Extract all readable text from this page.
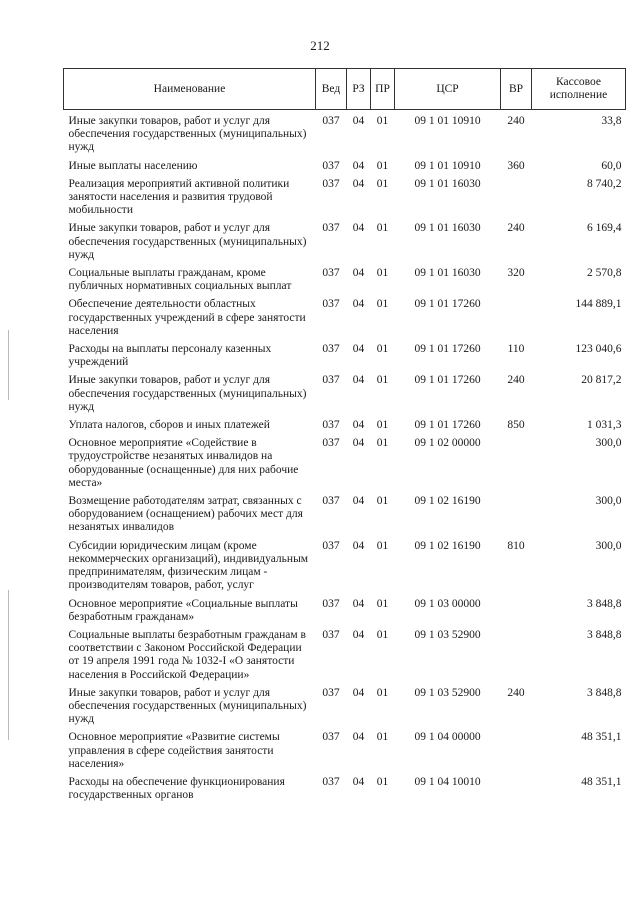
212
Наименование	Вед	РЗ	ПР	ЦСР	ВР	Кассовое исполнение
Иные закупки товаров, работ и услуг для обеспечения государственных (муниципальных) нужд	037	04	01	09 1 01 10910	240	33,8
Иные выплаты населению	037	04	01	09 1 01 10910	360	60,0
Реализация мероприятий активной политики занятости населения и развития трудовой мобильности	037	04	01	09 1 01 16030		8 740,2
Иные закупки товаров, работ и услуг для обеспечения государственных (муниципальных) нужд	037	04	01	09 1 01 16030	240	6 169,4
Социальные выплаты гражданам, кроме публичных нормативных социальных выплат	037	04	01	09 1 01 16030	320	2 570,8
Обеспечение деятельности областных государственных учреждений в сфере занятости населения	037	04	01	09 1 01 17260		144 889,1
Расходы на выплаты персоналу казенных учреждений	037	04	01	09 1 01 17260	110	123 040,6
Иные закупки товаров, работ и услуг для обеспечения государственных (муниципальных) нужд	037	04	01	09 1 01 17260	240	20 817,2
Уплата налогов, сборов и иных платежей	037	04	01	09 1 01 17260	850	1 031,3
Основное мероприятие «Содействие в трудоустройстве незанятых инвалидов на оборудованные (оснащенные) для них рабочие места»	037	04	01	09 1 02 00000		300,0
Возмещение работодателям затрат, связанных с оборудованием (оснащением) рабочих мест для незанятых инвалидов	037	04	01	09 1 02 16190		300,0
Субсидии юридическим лицам (кроме некоммерческих организаций), индивидуальным предпринимателям, физическим лицам - производителям товаров, работ, услуг	037	04	01	09 1 02 16190	810	300,0
Основное мероприятие «Социальные выплаты безработным гражданам»	037	04	01	09 1 03 00000		3 848,8
Социальные выплаты безработным гражданам в соответствии с Законом Российской Федерации от 19 апреля 1991 года № 1032-I «О занятости населения в Российской Федерации»	037	04	01	09 1 03 52900		3 848,8
Иные закупки товаров, работ и услуг для обеспечения государственных (муниципальных) нужд	037	04	01	09 1 03 52900	240	3 848,8
Основное мероприятие «Развитие системы управления в сфере содействия занятости населения»	037	04	01	09 1 04 00000		48 351,1
Расходы на обеспечение функционирования государственных органов	037	04	01	09 1 04 10010		48 351,1
